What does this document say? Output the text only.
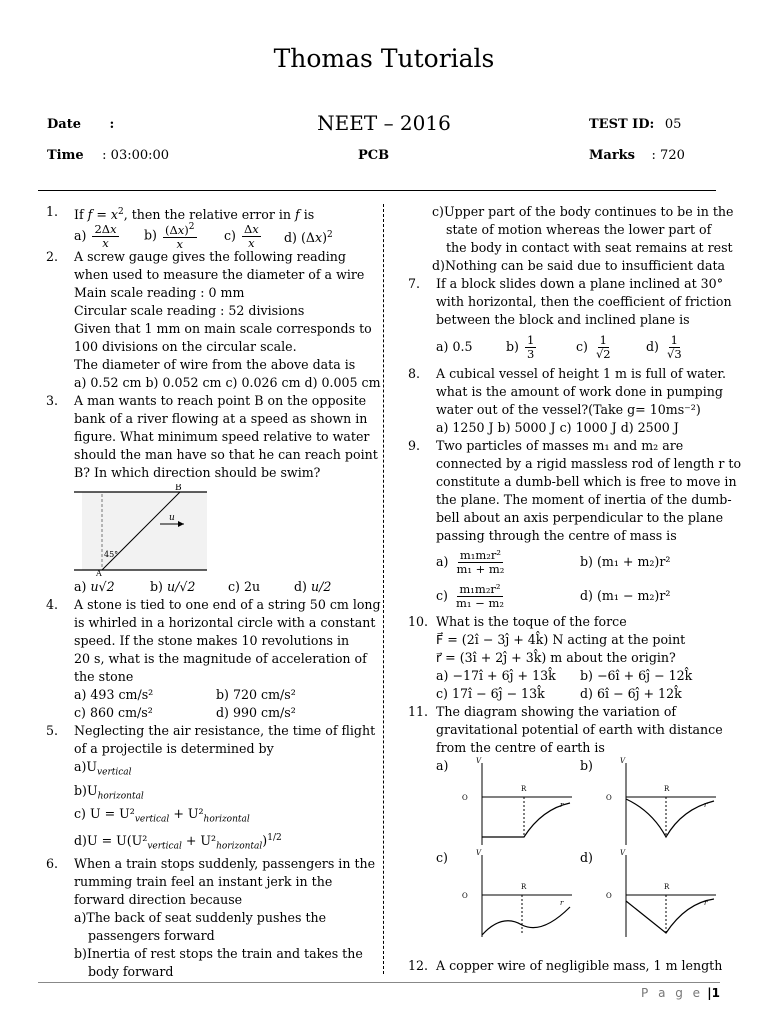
Thomas Tutorials
Date :	NEET – 2016	TEST ID: 05
Time : 03:00:00	PCB	Marks : 720
1. If $f = x^2$, then the relative error in f is
$a) \frac{2\Delta x}{x} b) \frac{(\Delta x)^2}{x} c) \frac{\Delta x}{x} d$) $(\Delta x)^2$
2. A screw gauge gives the following reading
when used to measure the diameter of a wire
Main scale reading : 0 mm
Circular scale reading : 52 divisions
Given that 1 mm on main scale corresponds to
100 divisions on the circular scale.
The diameter of wire from the above data is
a) 0.52 cm b) 0.052 cm c) 0.026 cm d) 0.005 cm
3. A man wants to reach point B on the opposite
bank of a river flowing at a speed as shown in
figure. What minimum speed relative to water
should the man have so that he can reach point
B? In which direction should be swim?
u
B
A
45°
a) u√2	b) u/√2	c) 2u	d) u/2
4. A stone is tied to one end of a string 50 cm long
is whirled in a horizontal circle with a constant
speed. If the stone makes 10 revolutions in
20 s, what is the magnitude of acceleration of
the stone
a) 493 cm/s²	b) 720 cm/s²
c) 860 cm/s²	d) 990 cm/s²
5. Neglecting the air resistance, the time of flight
of a projectile is determined by
$a)U_{vertical}$
$b)U_{horizontal}$
c) $U = U^2_{vertical} + U^2_{horizontal}$
$d)U = U(U^2_{vertical} + U^2_{horizontal})^{1/2}$
6. When a train stops suddenly, passengers in the
rumming train feel an instant jerk in the
forward direction because
a)The back of seat suddenly pushes the
passengers forward
b)Inertia of rest stops the train and takes the
body forward
c)Upper part of the body continues to be in the
state of motion whereas the lower part of
the body in contact with seat remains at rest
d)Nothing can be said due to insufficient data
7. If a block slides down a plane inclined at 30°
with horizontal, then the coefficient of friction
between the block and inclined plane is
a) 0.5	$b) \frac{1}{3}$	$c) \frac{1}{√2}$	$d) \frac{1}{√3}$
8. A cubical vessel of height 1 m is full of water.
what is the amount of work done in pumping
water out of the vessel?(Take g= 10ms⁻²)
a) 1250 J b) 5000 J c) 1000 J d) 2500 J
9. Two particles of masses m₁ and m₂ are
connected by a rigid massless rod of length r to
constitute a dumb-bell which is free to move in
the plane. The moment of inertia of the dumb-
bell about an axis perpendicular to the plane
passing through the centre of mass is
$a) \frac{\text{m₁m₂r²}}{\text{m₁ + m₂}}$	b) (m₁ + m₂)r²
$c) \frac{\text{m₁m₂r²}}{\text{m₁ − m₂}}$	d) (m₁ − m₂)r²
10. What is the toque of the force
F⃗ = (2î − 3ĵ + 4k̂) N acting at the point
r⃗ = (3î + 2ĵ + 3k̂) m about the origin?
a) −17î + 6ĵ + 13k̂	b) −6î + 6ĵ − 12k̂
c) 17î − 6ĵ − 13k̂	d) 6î − 6ĵ + 12k̂
11. The diagram showing the variation of
gravitational potential of earth with distance
from the centre of earth is
a)	b)
c)	d)
V
O
r
R
V
O
r
R
V
O
r
R
V
O
r
R
12. A copper wire of negligible mass, 1 m length
P a g e |1
